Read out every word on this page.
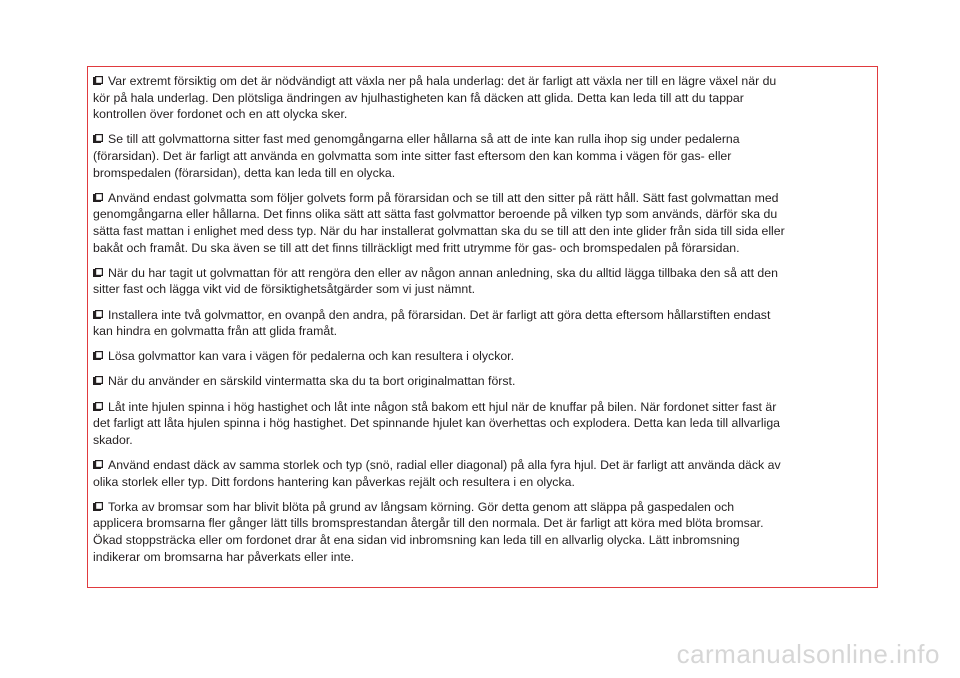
Var extremt försiktig om det är nödvändigt att växla ner på hala underlag: det är farligt att växla ner till en lägre växel när du
kör på hala underlag. Den plötsliga ändringen av hjulhastigheten kan få däcken att glida. Detta kan leda till att du tappar
kontrollen över fordonet och en att olycka sker.
Se till att golvmattorna sitter fast med genomgångarna eller hållarna så att de inte kan rulla ihop sig under pedalerna
(förarsidan). Det är farligt att använda en golvmatta som inte sitter fast eftersom den kan komma i vägen för gas- eller
bromspedalen (förarsidan), detta kan leda till en olycka.
Använd endast golvmatta som följer golvets form på förarsidan och se till att den sitter på rätt håll. Sätt fast golvmattan med
genomgångarna eller hållarna. Det finns olika sätt att sätta fast golvmattor beroende på vilken typ som används, därför ska du
sätta fast mattan i enlighet med dess typ. När du har installerat golvmattan ska du se till att den inte glider från sida till sida eller
bakåt och framåt. Du ska även se till att det finns tillräckligt med fritt utrymme för gas- och bromspedalen på förarsidan.
När du har tagit ut golvmattan för att rengöra den eller av någon annan anledning, ska du alltid lägga tillbaka den så att den
sitter fast och lägga vikt vid de försiktighetsåtgärder som vi just nämnt.
Installera inte två golvmattor, en ovanpå den andra, på förarsidan. Det är farligt att göra detta eftersom hållarstiften endast
kan hindra en golvmatta från att glida framåt.
Lösa golvmattor kan vara i vägen för pedalerna och kan resultera i olyckor.
När du använder en särskild vintermatta ska du ta bort originalmattan först.
Låt inte hjulen spinna i hög hastighet och låt inte någon stå bakom ett hjul när de knuffar på bilen. När fordonet sitter fast är
det farligt att låta hjulen spinna i hög hastighet. Det spinnande hjulet kan överhettas och explodera. Detta kan leda till allvarliga
skador.
Använd endast däck av samma storlek och typ (snö, radial eller diagonal) på alla fyra hjul. Det är farligt att använda däck av
olika storlek eller typ. Ditt fordons hantering kan påverkas rejält och resultera i en olycka.
Torka av bromsar som har blivit blöta på grund av långsam körning. Gör detta genom att släppa på gaspedalen och
applicera bromsarna fler gånger lätt tills bromsprestandan återgår till den normala. Det är farligt att köra med blöta bromsar.
Ökad stoppsträcka eller om fordonet drar åt ena sidan vid inbromsning kan leda till en allvarlig olycka. Lätt inbromsning
indikerar om bromsarna har påverkats eller inte.
carmanualsonline.info
